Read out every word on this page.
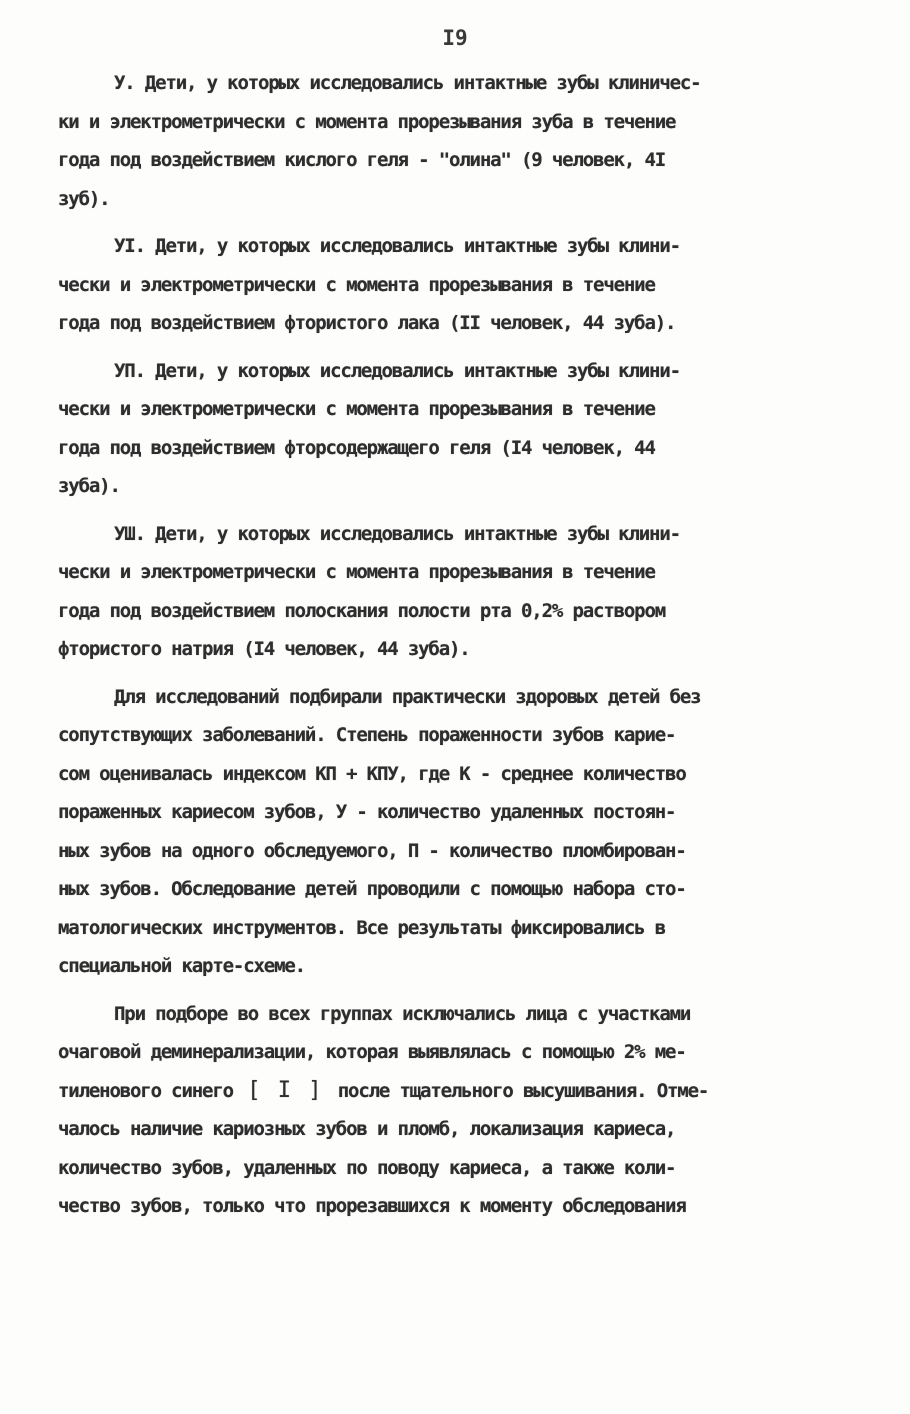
I9
У. Дети, у которых исследовались интактные зубы клиничес-
ки и электрометрически с момента прорезывания зуба в течение
года под воздействием кислого геля - "олина" (9 человек, 4I
зуб).
УI. Дети, у которых исследовались интактные зубы клини-
чески и электрометрически с момента прорезывания в течение
года под воздействием фтористого лака (II человек, 44 зуба).
УП. Дети, у которых исследовались интактные зубы клини-
чески и электрометрически с момента прорезывания в течение
года под воздействием фторсодержащего геля (I4 человек, 44
зуба).
УШ. Дети, у которых исследовались интактные зубы клини-
чески и электрометрически с момента прорезывания в течение
года под воздействием полоскания полости рта 0,2% раствором
фтористого натрия (I4 человек, 44 зуба).
Для исследований подбирали практически здоровых детей без
сопутствующих заболеваний. Степень пораженности зубов карие-
сом оценивалась индексом КП + КПУ, где К - среднее количество
пораженных кариесом зубов, У - количество удаленных постоян-
ных зубов на одного обследуемого, П - количество пломбирован-
ных зубов. Обследование детей проводили с помощью набора сто-
матологических инструментов. Все результаты фиксировались в
специальной карте-схеме.
При подборе во всех группах исключались лица с участками
очаговой деминерализации, которая выявлялась с помощью 2% ме-
тиленового синего [ I ] после тщательного высушивания. Отме-
чалось наличие кариозных зубов и пломб, локализация кариеса,
количество зубов, удаленных по поводу кариеса, а также коли-
чество зубов, только что прорезавшихся к моменту обследования
